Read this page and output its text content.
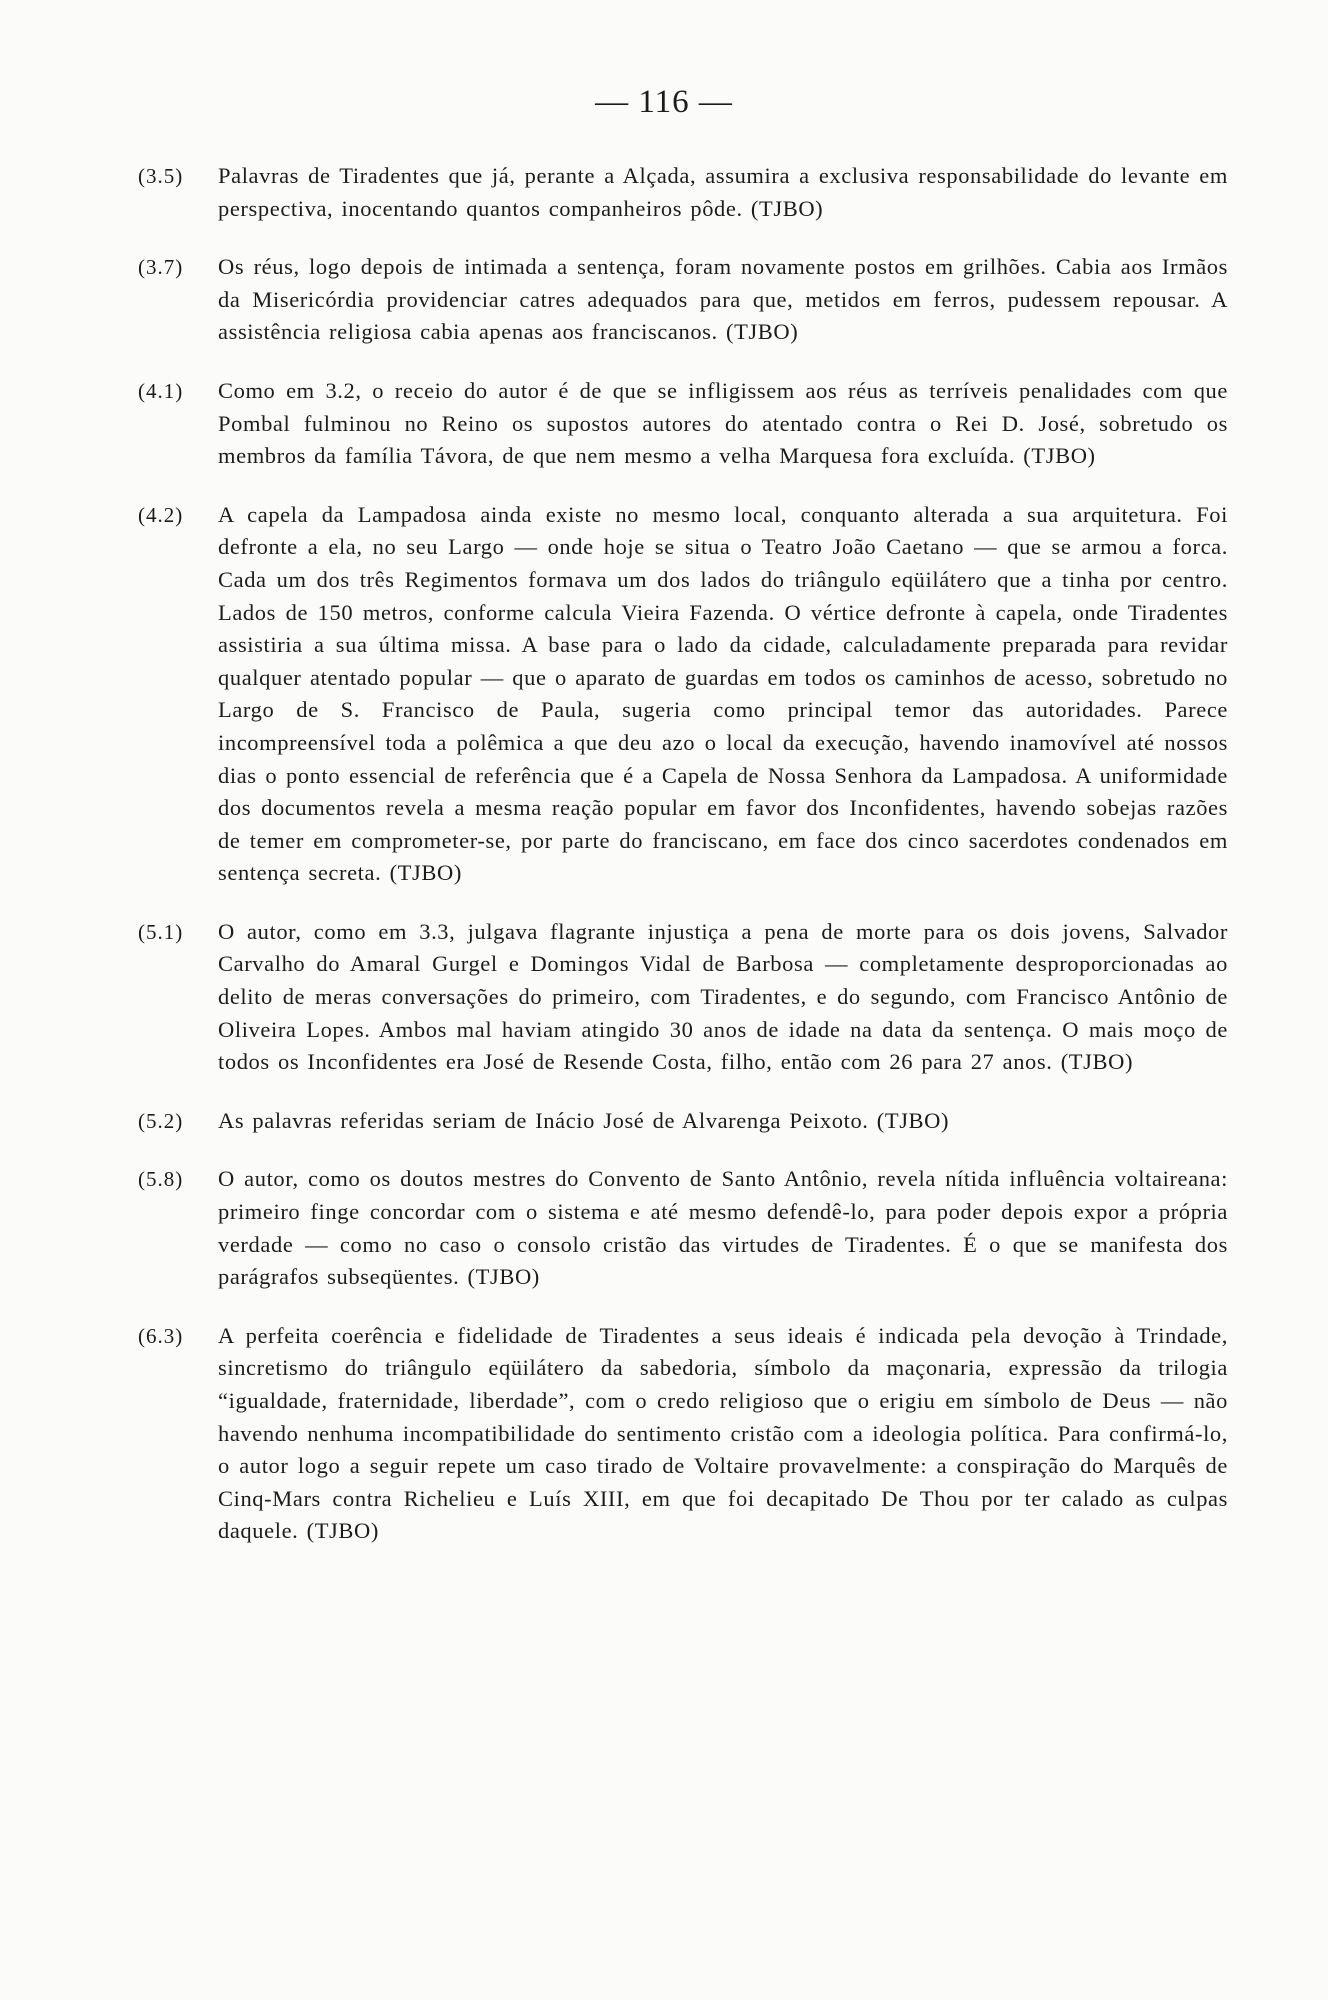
— 116 —
(3.5)	Palavras de Tiradentes que já, perante a Alçada, assumira a exclusiva responsabilidade do levante em perspectiva, inocentando quantos companheiros pôde. (TJBO)
(3.7)	Os réus, logo depois de intimada a sentença, foram novamente postos em grilhões. Cabia aos Irmãos da Misericórdia providenciar catres adequados para que, metidos em ferros, pudessem repousar. A assistência religiosa cabia apenas aos franciscanos. (TJBO)
(4.1)	Como em 3.2, o receio do autor é de que se infligissem aos réus as terríveis penalidades com que Pombal fulminou no Reino os supostos autores do atentado contra o Rei D. José, sobretudo os membros da família Távora, de que nem mesmo a velha Marquesa fora excluída. (TJBO)
(4.2)	A capela da Lampadosa ainda existe no mesmo local, conquanto alterada a sua arquitetura. Foi defronte a ela, no seu Largo — onde hoje se situa o Teatro João Caetano — que se armou a forca. Cada um dos três Regimentos formava um dos lados do triângulo eqüilátero que a tinha por centro. Lados de 150 metros, conforme calcula Vieira Fazenda. O vértice defronte à capela, onde Tiradentes assistiria a sua última missa. A base para o lado da cidade, calculadamente preparada para revidar qualquer atentado popular — que o aparato de guardas em todos os caminhos de acesso, sobretudo no Largo de S. Francisco de Paula, sugeria como principal temor das autoridades. Parece incompreensível toda a polêmica a que deu azo o local da execução, havendo inamovível até nossos dias o ponto essencial de referência que é a Capela de Nossa Senhora da Lampadosa. A uniformidade dos documentos revela a mesma reação popular em favor dos Inconfidentes, havendo sobejas razões de temer em comprometer-se, por parte do franciscano, em face dos cinco sacerdotes condenados em sentença secreta. (TJBO)
(5.1)	O autor, como em 3.3, julgava flagrante injustiça a pena de morte para os dois jovens, Salvador Carvalho do Amaral Gurgel e Domingos Vidal de Barbosa — completamente desproporcionadas ao delito de meras conversações do primeiro, com Tiradentes, e do segundo, com Francisco Antônio de Oliveira Lopes. Ambos mal haviam atingido 30 anos de idade na data da sentença. O mais moço de todos os Inconfidentes era José de Resende Costa, filho, então com 26 para 27 anos. (TJBO)
(5.2)	As palavras referidas seriam de Inácio José de Alvarenga Peixoto. (TJBO)
(5.8)	O autor, como os doutos mestres do Convento de Santo Antônio, revela nítida influência voltaireana: primeiro finge concordar com o sistema e até mesmo defendê-lo, para poder depois expor a própria verdade — como no caso o consolo cristão das virtudes de Tiradentes. É o que se manifesta dos parágrafos subseqüentes. (TJBO)
(6.3)	A perfeita coerência e fidelidade de Tiradentes a seus ideais é indicada pela devoção à Trindade, sincretismo do triângulo eqüilátero da sabedoria, símbolo da maçonaria, expressão da trilogia “igualdade, fraternidade, liberdade”, com o credo religioso que o erigiu em símbolo de Deus — não havendo nenhuma incompatibilidade do sentimento cristão com a ideologia política. Para confirmá-lo, o autor logo a seguir repete um caso tirado de Voltaire provavelmente: a conspiração do Marquês de Cinq-Mars contra Richelieu e Luís XIII, em que foi decapitado De Thou por ter calado as culpas daquele. (TJBO)
